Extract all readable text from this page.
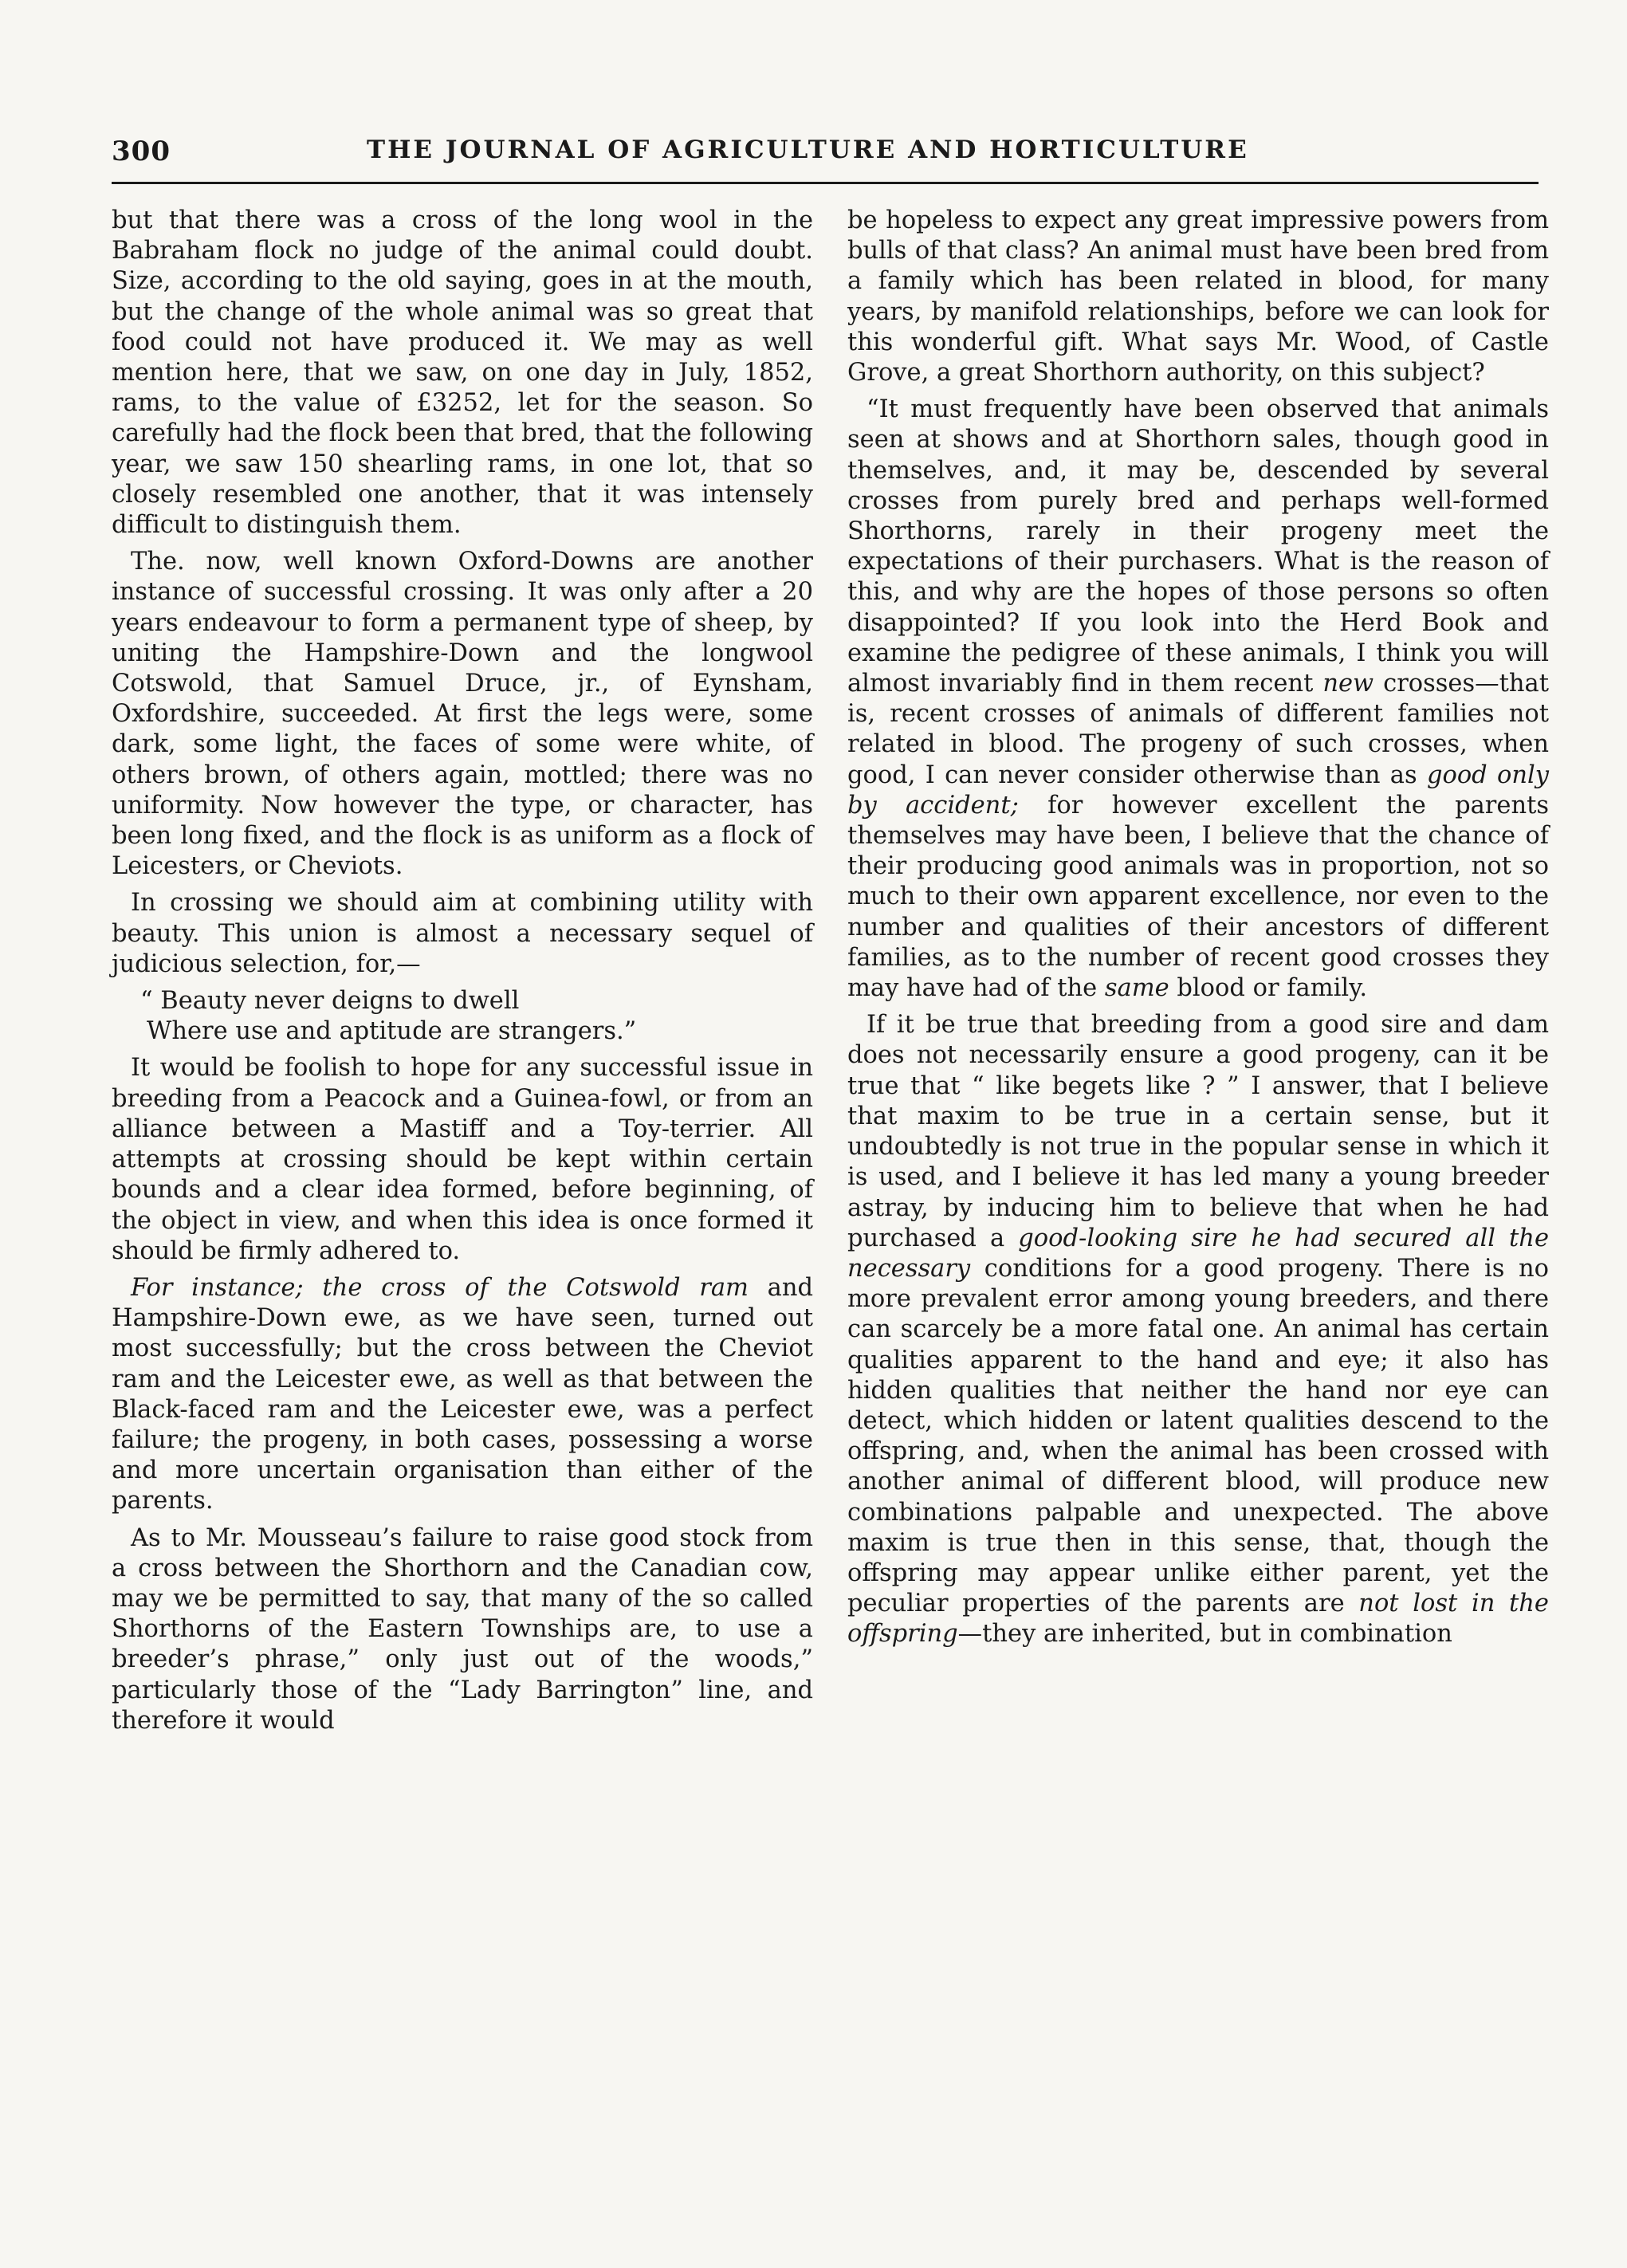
300	THE JOURNAL OF AGRICULTURE AND HORTICULTURE

but that there was a cross of the long wool in the Babraham flock no judge of the animal could doubt. Size, according to the old saying, goes in at the mouth, but the change of the whole animal was so great that food could not have produced it. We may as well mention here, that we saw, on one day in July, 1852, rams, to the value of £3252, let for the season. So carefully had the flock been that bred, that the following year, we saw 150 shearling rams, in one lot, that so closely resembled one another, that it was intensely difficult to distinguish them.

The. now, well known Oxford-Downs are another instance of successful crossing. It was only after a 20 years endeavour to form a permanent type of sheep, by uniting the Hampshire-Down and the longwool Cotswold, that Samuel Druce, jr., of Eynsham, Oxfordshire, succeeded. At first the legs were, some dark, some light, the faces of some were white, of others brown, of others again, mottled; there was no uniformity. Now however the type, or character, has been long fixed, and the flock is as uniform as a flock of Leicesters, or Cheviots.

In crossing we should aim at combining utility with beauty. This union is almost a necessary sequel of judicious selection, for,—

“ Beauty never deigns to dwell
Where use and aptitude are strangers.”

It would be foolish to hope for any successful issue in breeding from a Peacock and a Guinea-fowl, or from an alliance between a Mastiff and a Toy-terrier. All attempts at crossing should be kept within certain bounds and a clear idea formed, before beginning, of the object in view, and when this idea is once formed it should be firmly adhered to.

For instance; the cross of the Cotswold ram and Hampshire-Down ewe, as we have seen, turned out most successfully; but the cross between the Cheviot ram and the Leicester ewe, as well as that between the Black-faced ram and the Leicester ewe, was a perfect failure; the progeny, in both cases, possessing a worse and more uncertain organisation than either of the parents.

As to Mr. Mousseau’s failure to raise good stock from a cross between the Shorthorn and the Canadian cow, may we be permitted to say, that many of the so called Shorthorns of the Eastern Townships are, to use a breeder’s phrase,” only just out of the woods,” particularly those of the “Lady Barrington” line, and therefore it would

be hopeless to expect any great impressive powers from bulls of that class? An animal must have been bred from a family which has been related in blood, for many years, by manifold relationships, before we can look for this wonderful gift. What says Mr. Wood, of Castle Grove, a great Shorthorn authority, on this subject?

“It must frequently have been observed that animals seen at shows and at Shorthorn sales, though good in themselves, and, it may be, descended by several crosses from purely bred and perhaps well-formed Shorthorns, rarely in their progeny meet the expectations of their purchasers. What is the reason of this, and why are the hopes of those persons so often disappointed? If you look into the Herd Book and examine the pedigree of these animals, I think you will almost invariably find in them recent new crosses—that is, recent crosses of animals of different families not related in blood. The progeny of such crosses, when good, I can never consider otherwise than as good only by accident; for however excellent the parents themselves may have been, I believe that the chance of their producing good animals was in proportion, not so much to their own apparent excellence, nor even to the number and qualities of their ancestors of different families, as to the number of recent good crosses they may have had of the same blood or family.

If it be true that breeding from a good sire and dam does not necessarily ensure a good progeny, can it be true that “ like begets like ? ” I answer, that I believe that maxim to be true in a certain sense, but it undoubtedly is not true in the popular sense in which it is used, and I believe it has led many a young breeder astray, by inducing him to believe that when he had purchased a good-looking sire he had secured all the necessary conditions for a good progeny. There is no more prevalent error among young breeders, and there can scarcely be a more fatal one. An animal has certain qualities apparent to the hand and eye; it also has hidden qualities that neither the hand nor eye can detect, which hidden or latent qualities descend to the offspring, and, when the animal has been crossed with another animal of different blood, will produce new combinations palpable and unexpected. The above maxim is true then in this sense, that, though the offspring may appear unlike either parent, yet the peculiar properties of the parents are not lost in the offspring—they are inherited, but in combination
